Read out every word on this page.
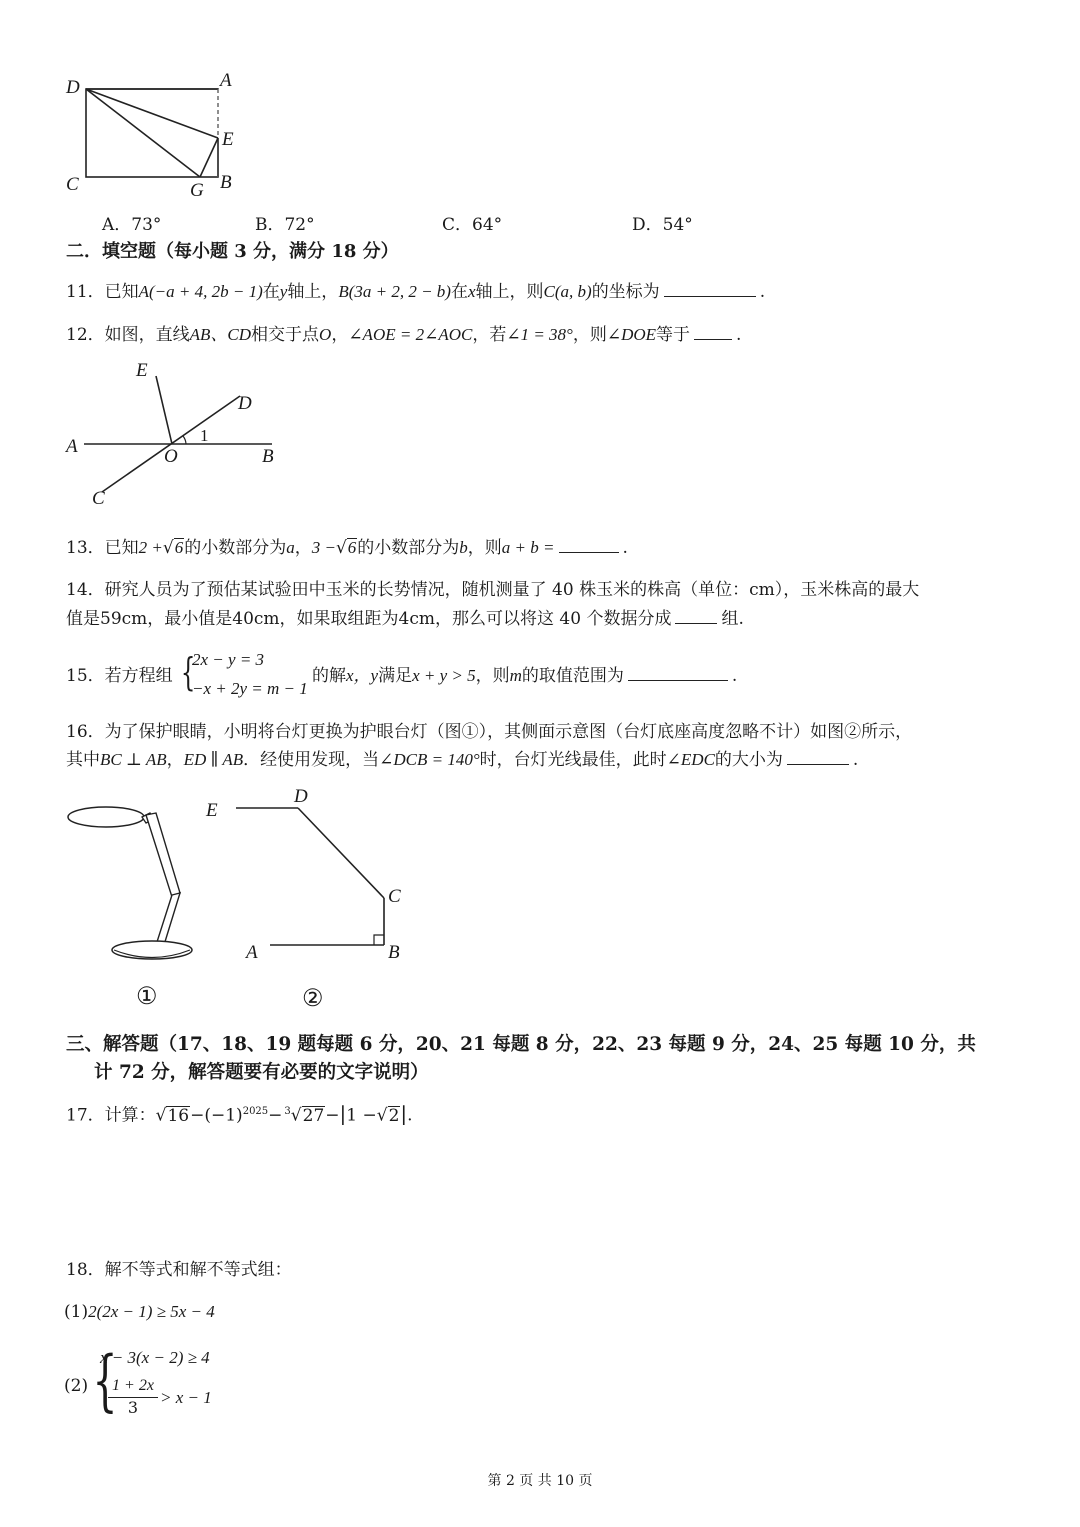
D	A
E
C	G B
A．73°	B．72°	C．64°	D．54°
二．填空题（每小题 3 分，满分 18 分）
11．已知A(−a + 4, 2b − 1)在y轴上，B(3a + 2, 2 − b)在x轴上，则C(a, b)的坐标为	.
12．如图，直线AB、CD相交于点O，∠AOE = 2∠AOC，若∠1 = 38°，则∠DOE等于	.
E
D
A	O	B
C
1
13．已知2 +√6的小数部分为a，3 −√6的小数部分为b，则a + b =	.
14．研究人员为了预估某试验田中玉米的长势情况，随机测量了 40 株玉米的株高（单位：cm），玉米株高的最大
值是59cm，最小值是40cm，如果取组距为4cm，那么可以将这 40 个数据分成	组.
15．若方程组 {
2x − y = 3
−x + 2y = m − 1
的解x，y满足x + y > 5，则m的取值范围为	.
16．为了保护眼睛，小明将台灯更换为护眼台灯（图①），其侧面示意图（台灯底座高度忽略不计）如图②所示，
其中BC ⊥ AB，ED ∥ AB．经使用发现，当∠DCB = 140°时，台灯光线最佳，此时∠EDC的大小为	.
E
D
C
A	B
①	②
三、解答题（17、18、19 题每题 6 分，20、21 每题 8 分，22、23 每题 9 分，24、25 每题 10 分，共
计 72 分，解答题要有必要的文字说明）
17．计算：$√16-(-1)^{2025}- ^3√27-|1 -√2|$.
18．解不等式和解不等式组：
(1)2(2x − 1) ≥ 5x − 4
(2) {
x − 3(x − 2) ≥ 4
1 + 2x
3
> x − 1
第 2 页 共 10 页
